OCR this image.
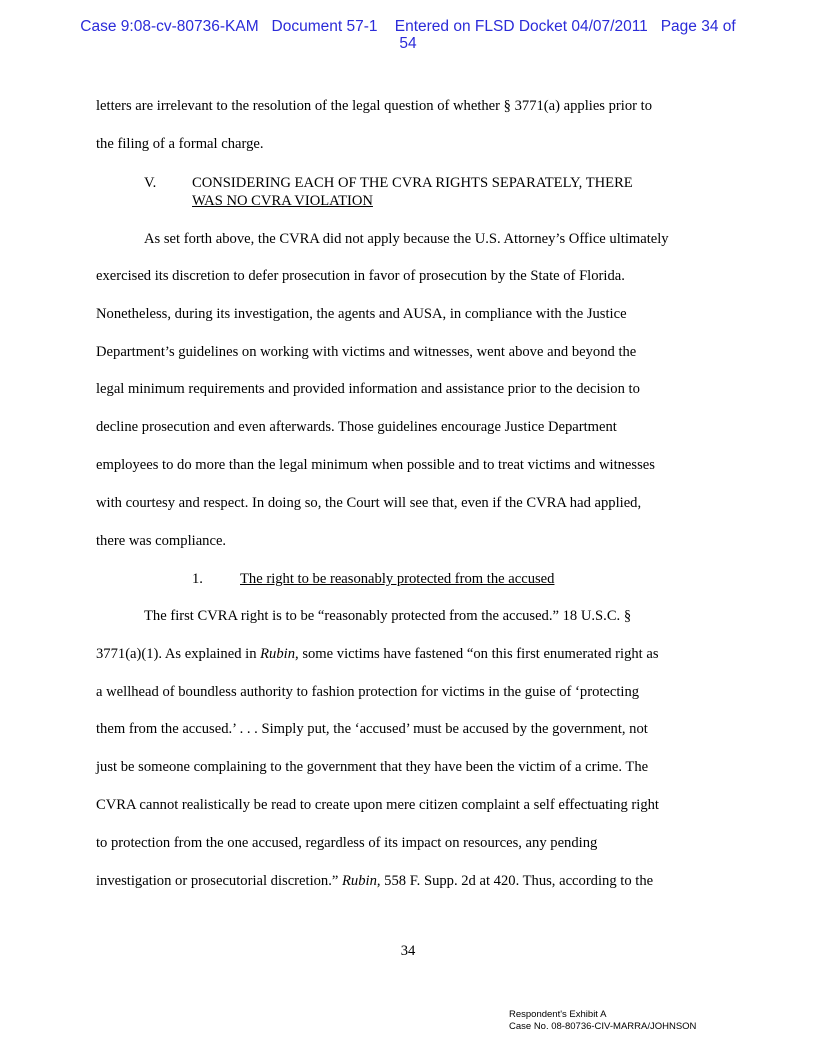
Case 9:08-cv-80736-KAM   Document 57-1    Entered on FLSD Docket 04/07/2011   Page 34 of
54
letters are irrelevant to the resolution of the legal question of whether § 3771(a) applies prior to
the filing of a formal charge.
V. CONSIDERING EACH OF THE CVRA RIGHTS SEPARATELY, THERE
WAS NO CVRA VIOLATION
As set forth above, the CVRA did not apply because the U.S. Attorney’s Office ultimately
exercised its discretion to defer prosecution in favor of prosecution by the State of Florida.
Nonetheless, during its investigation, the agents and AUSA, in compliance with the Justice
Department’s guidelines on working with victims and witnesses, went above and beyond the
legal minimum requirements and provided information and assistance prior to the decision to
decline prosecution and even afterwards. Those guidelines encourage Justice Department
employees to do more than the legal minimum when possible and to treat victims and witnesses
with courtesy and respect. In doing so, the Court will see that, even if the CVRA had applied,
there was compliance.
1.	The right to be reasonably protected from the accused
The first CVRA right is to be “reasonably protected from the accused.” 18 U.S.C. §
3771(a)(1). As explained in Rubin, some victims have fastened “on this first enumerated right as
a wellhead of boundless authority to fashion protection for victims in the guise of ‘protecting
them from the accused.’ . . . Simply put, the ‘accused’ must be accused by the government, not
just be someone complaining to the government that they have been the victim of a crime. The
CVRA cannot realistically be read to create upon mere citizen complaint a self effectuating right
to protection from the one accused, regardless of its impact on resources, any pending
investigation or prosecutorial discretion.” Rubin, 558 F. Supp. 2d at 420. Thus, according to the
34
Respondent's Exhibit A
Case No. 08-80736-CIV-MARRA/JOHNSON
